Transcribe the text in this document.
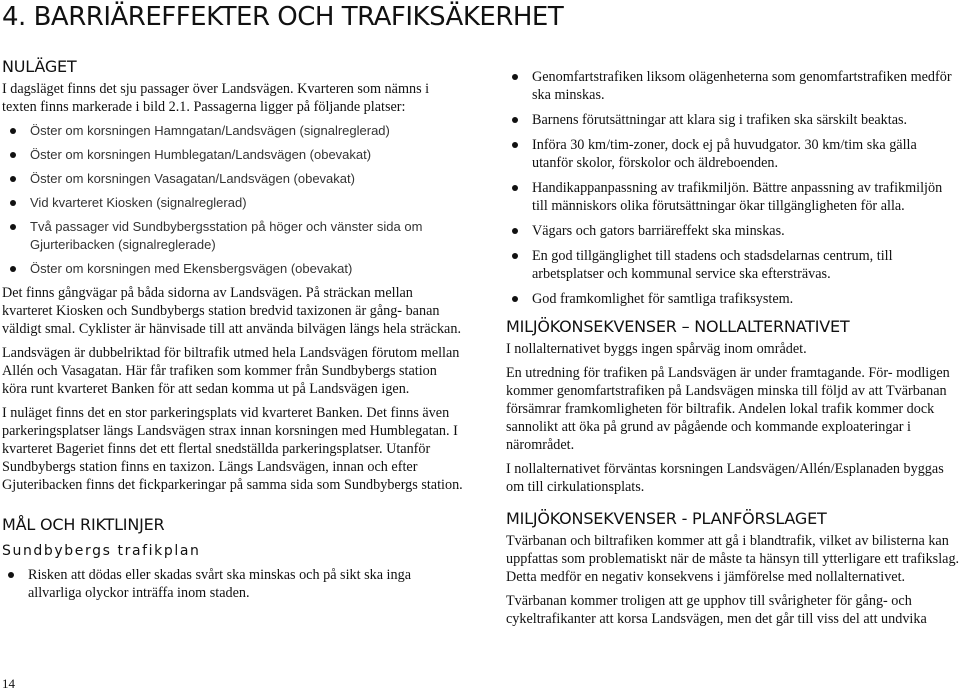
4. BARRIÄREFFEKTER OCH TRAFIKSÄKERHET
NULÄGET

I dagsläget finns det sju passager över Landsvägen. Kvarteren som nämns i texten finns markerade i bild 2.1. Passagerna ligger på följande platser:

Öster om korsningen Hamngatan/Landsvägen (signalreglerad)
Öster om korsningen Humblegatan/Landsvägen (obevakat)
Öster om korsningen Vasagatan/Landsvägen (obevakat)
Vid kvarteret Kiosken (signalreglerad)
Två passager vid Sundbybergsstation på höger och vänster sida om Gjurteribacken (signalreglerade)
Öster om korsningen med Ekensbergsvägen (obevakat)

Det finns gångvägar på båda sidorna av Landsvägen. På sträckan mellan kvarteret Kiosken och Sundbybergs station bredvid taxizonen är gång- banan väldigt smal. Cyklister är hänvisade till att använda bilvägen längs hela sträckan.

Landsvägen är dubbelriktad för biltrafik utmed hela Landsvägen förutom mellan Allén och Vasagatan. Här får trafiken som kommer från Sundbybergs station köra runt kvarteret Banken för att sedan komma ut på Landsvägen igen.

I nuläget finns det en stor parkeringsplats vid kvarteret Banken. Det finns även parkeringsplatser längs Landsvägen strax innan korsningen med Humblegatan. I kvarteret Bageriet finns det ett flertal snedställda parkeringsplatser. Utanför Sundbybergs station finns en taxizon. Längs Landsvägen, innan och efter Gjuteribacken finns det fickparkeringar på samma sida som Sundbybergs station.

MÅL OCH RIKTLINJER
Sundbybergs trafikplan
Risken att dödas eller skadas svårt ska minskas och på sikt ska inga allvarliga olyckor inträffa inom staden.
Genomfartstrafiken liksom olägenheterna som genomfartstrafiken medför ska minskas.
Barnens förutsättningar att klara sig i trafiken ska särskilt beaktas.
Införa 30 km/tim-zoner, dock ej på huvudgator. 30 km/tim ska gälla utanför skolor, förskolor och äldreboenden.
Handikappanpassning av trafikmiljön. Bättre anpassning av trafikmiljön till människors olika förutsättningar ökar tillgängligheten för alla.
Vägars och gators barriäreffekt ska minskas.
En god tillgänglighet till stadens och stadsdelarnas centrum, till arbetsplatser och kommunal service ska eftersträvas.
God framkomlighet för samtliga trafiksystem.
MILJÖKONSEKVENSER – NOLLALTERNATIVET

I nollalternativet byggs ingen spårväg inom området.

En utredning för trafiken på Landsvägen är under framtagande. För- modligen kommer genomfartstrafiken på Landsvägen minska till följd av att Tvärbanan försämrar framkomligheten för biltrafik. Andelen lokal trafik kommer dock sannolikt att öka på grund av pågående och kommande exploateringar i närområdet.

I nollalternativet förväntas korsningen Landsvägen/Allén/Esplanaden byggas om till cirkulationsplats.

MILJÖKONSEKVENSER - PLANFÖRSLAGET

Tvärbanan och biltrafiken kommer att gå i blandtrafik, vilket av bilisterna kan uppfattas som problematiskt när de måste ta hänsyn till ytterligare ett trafikslag. Detta medför en negativ konsekvens i jämförelse med nollalternativet.

Tvärbanan kommer troligen att ge upphov till svårigheter för gång- och cykeltrafikanter att korsa Landsvägen, men det går till viss del att undvika

14
